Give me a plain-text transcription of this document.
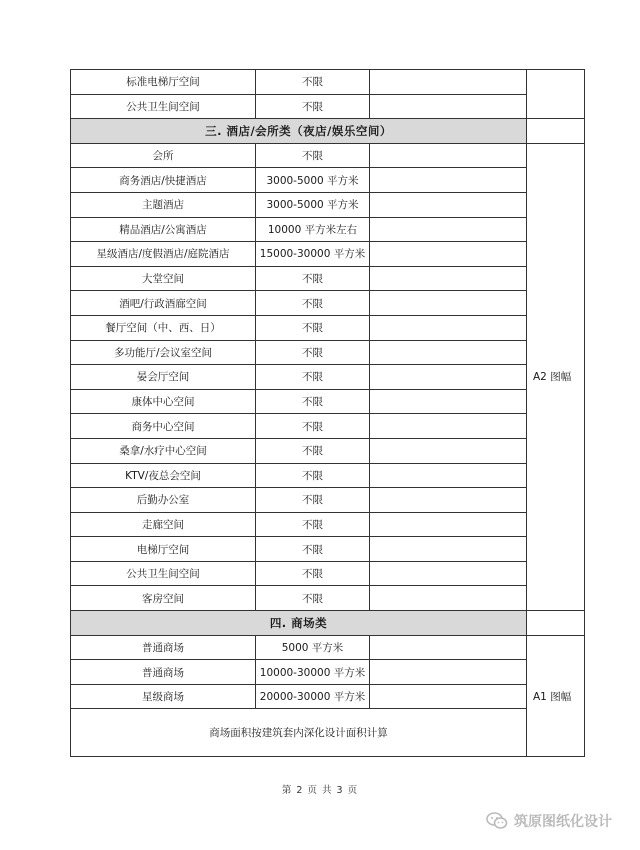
标准电梯厅空间	不限		
公共卫生间空间	不限		
三. 酒店/会所类（夜店/娱乐空间）			
会所	不限		A2 图幅
商务酒店/快捷酒店	3000-5000 平方米		
主题酒店	3000-5000 平方米		
精品酒店/公寓酒店	10000 平方米左右		
星级酒店/度假酒店/庭院酒店	15000-30000 平方米		
大堂空间	不限		
酒吧/行政酒廊空间	不限		
餐厅空间（中、西、日）	不限		
多功能厅/会议室空间	不限		
晏会厅空间	不限		
康体中心空间	不限		
商务中心空间	不限		
桑拿/水疗中心空间	不限		
KTV/夜总会空间	不限		
后勤办公室	不限		
走廊空间	不限		
电梯厅空间	不限		
公共卫生间空间	不限		
客房空间	不限		
四. 商场类			
普通商场	5000 平方米		A1 图幅
普通商场	10000-30000 平方米		
星级商场	20000-30000 平方米		
商场面积按建筑套内深化设计面积计算			
第 2 页 共 3 页
筑原图纸化设计
